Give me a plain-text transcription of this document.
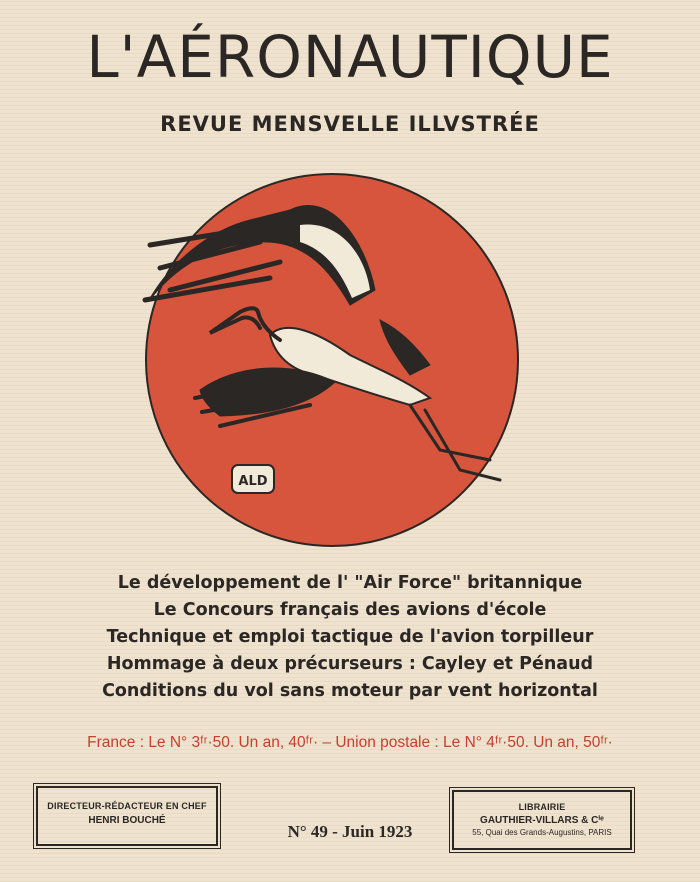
L'AÉRONAUTIQUE
REVUE MENSVELLE ILLVSTRÉE
ALD
Le développement de l' "Air Force" britannique
Le Concours français des avions d'école
Technique et emploi tactique de l'avion torpilleur
Hommage à deux précurseurs : Cayley et Pénaud
Conditions du vol sans moteur par vent horizontal
France : Le N° 3ᶠʳ·50. Un an, 40ᶠʳ· – Union postale : Le N° 4ᶠʳ·50. Un an, 50ᶠʳ·
DIRECTEUR-RÉDACTEUR EN CHEF
HENRI BOUCHÉ
N° 49 - Juin 1923
LIBRAIRIE
GAUTHIER-VILLARS & Cⁱᵉ
55, Quai des Grands-Augustins, PARIS
